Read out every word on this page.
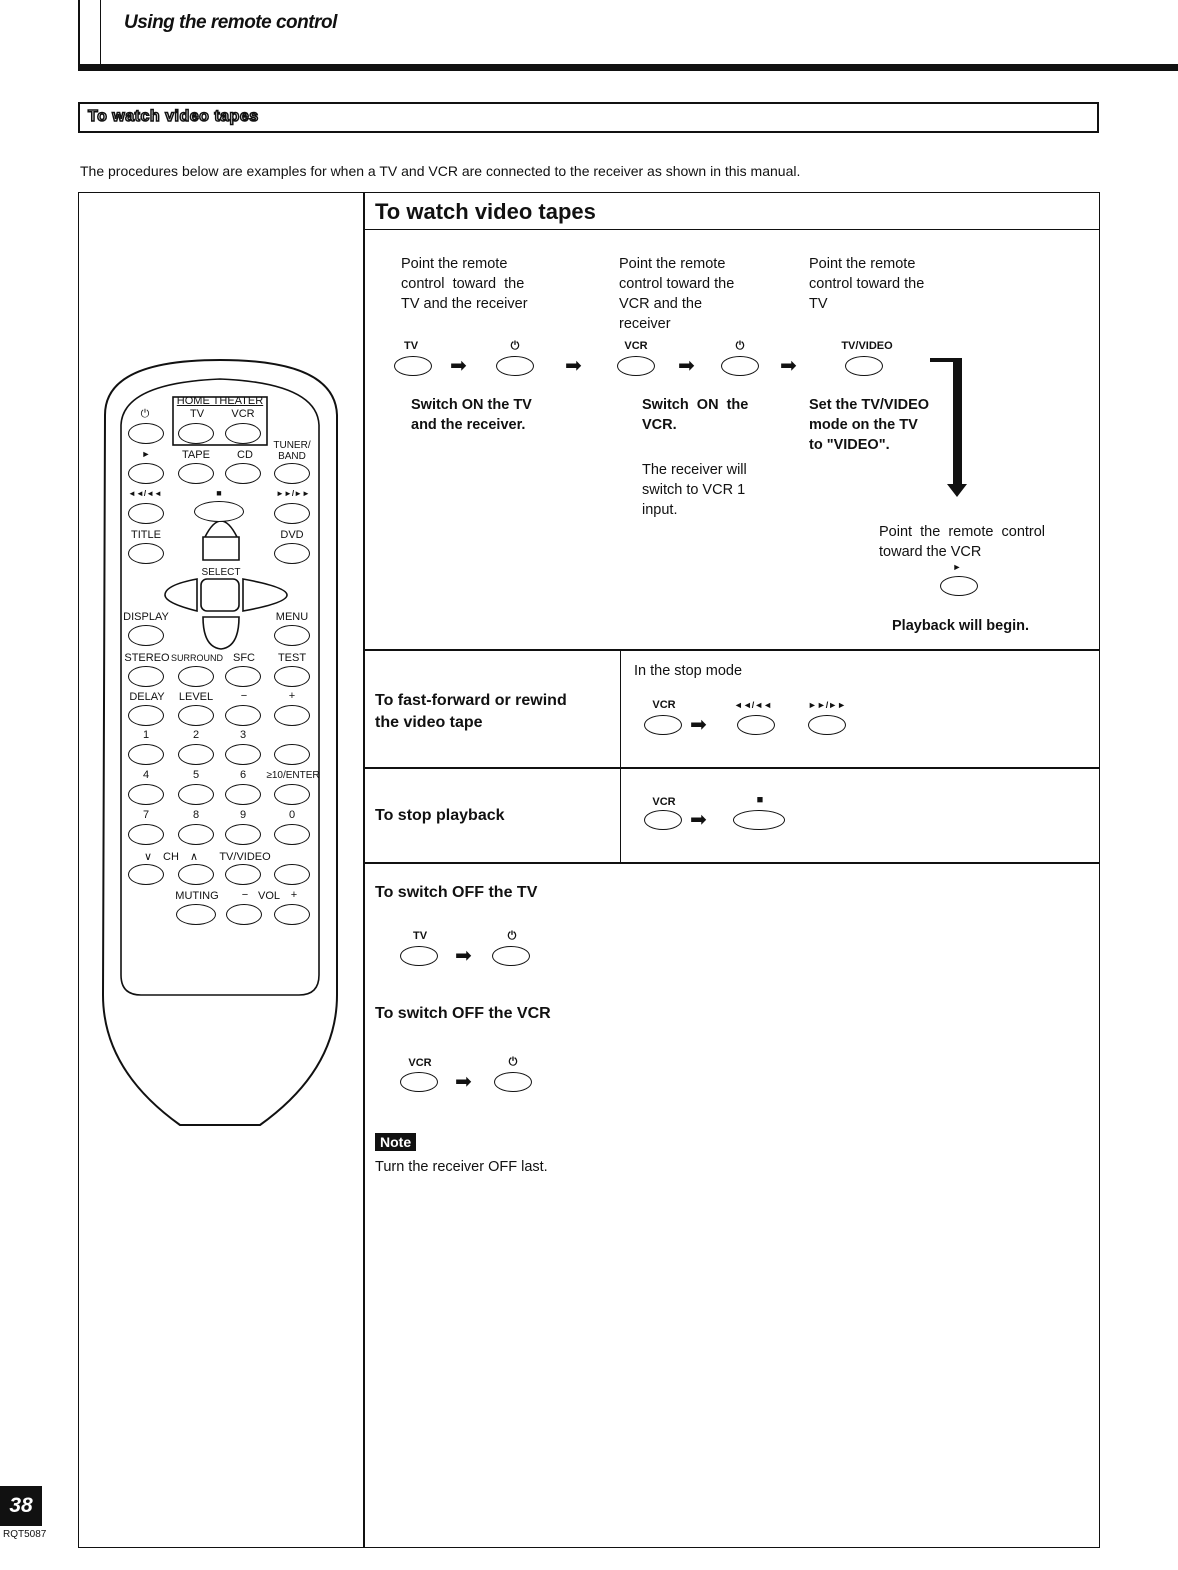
Using the remote control
To watch video tapes
The procedures below are examples for when a TV and VCR are connected to the receiver as shown in this manual.
To watch video tapes
Point the remote
control  toward  the
TV and the receiver
Point the remote
control toward the
VCR and the
receiver
Point the remote
control toward the
TV
TV
➡
⏻
➡
VCR
➡
⏻
➡
TV/VIDEO
Switch ON the TV
and the receiver.
Switch  ON  the
VCR.
The receiver will
switch to VCR 1
input.
Set the TV/VIDEO
mode on the TV
to "VIDEO".
Point  the  remote  control
toward the VCR
►
Playback will begin.
To fast-forward or rewind
the video tape
In the stop mode
VCR
➡
◄◄/◄◄	►►/►►
To stop playback
VCR
➡
■
To switch OFF the TV
TV
➡
⏻
To switch OFF the VCR
VCR
➡
⏻
Note
Turn the receiver OFF last.
38
RQT5087
HOME THEATER
⏻	TV	VCR
TUNER/
BAND
►	TAPE	CD
◄◄/◄◄	■	►►/►►
TITLE	DVD
SELECT
DISPLAY	MENU
STEREO SURROUND SFC	TEST
DELAY	LEVEL	−	+
1	2	3
4	5	6	≥10/ENTER
7	8	9	0
∨	CH	∧	TV/VIDEO
MUTING	− VOL +
